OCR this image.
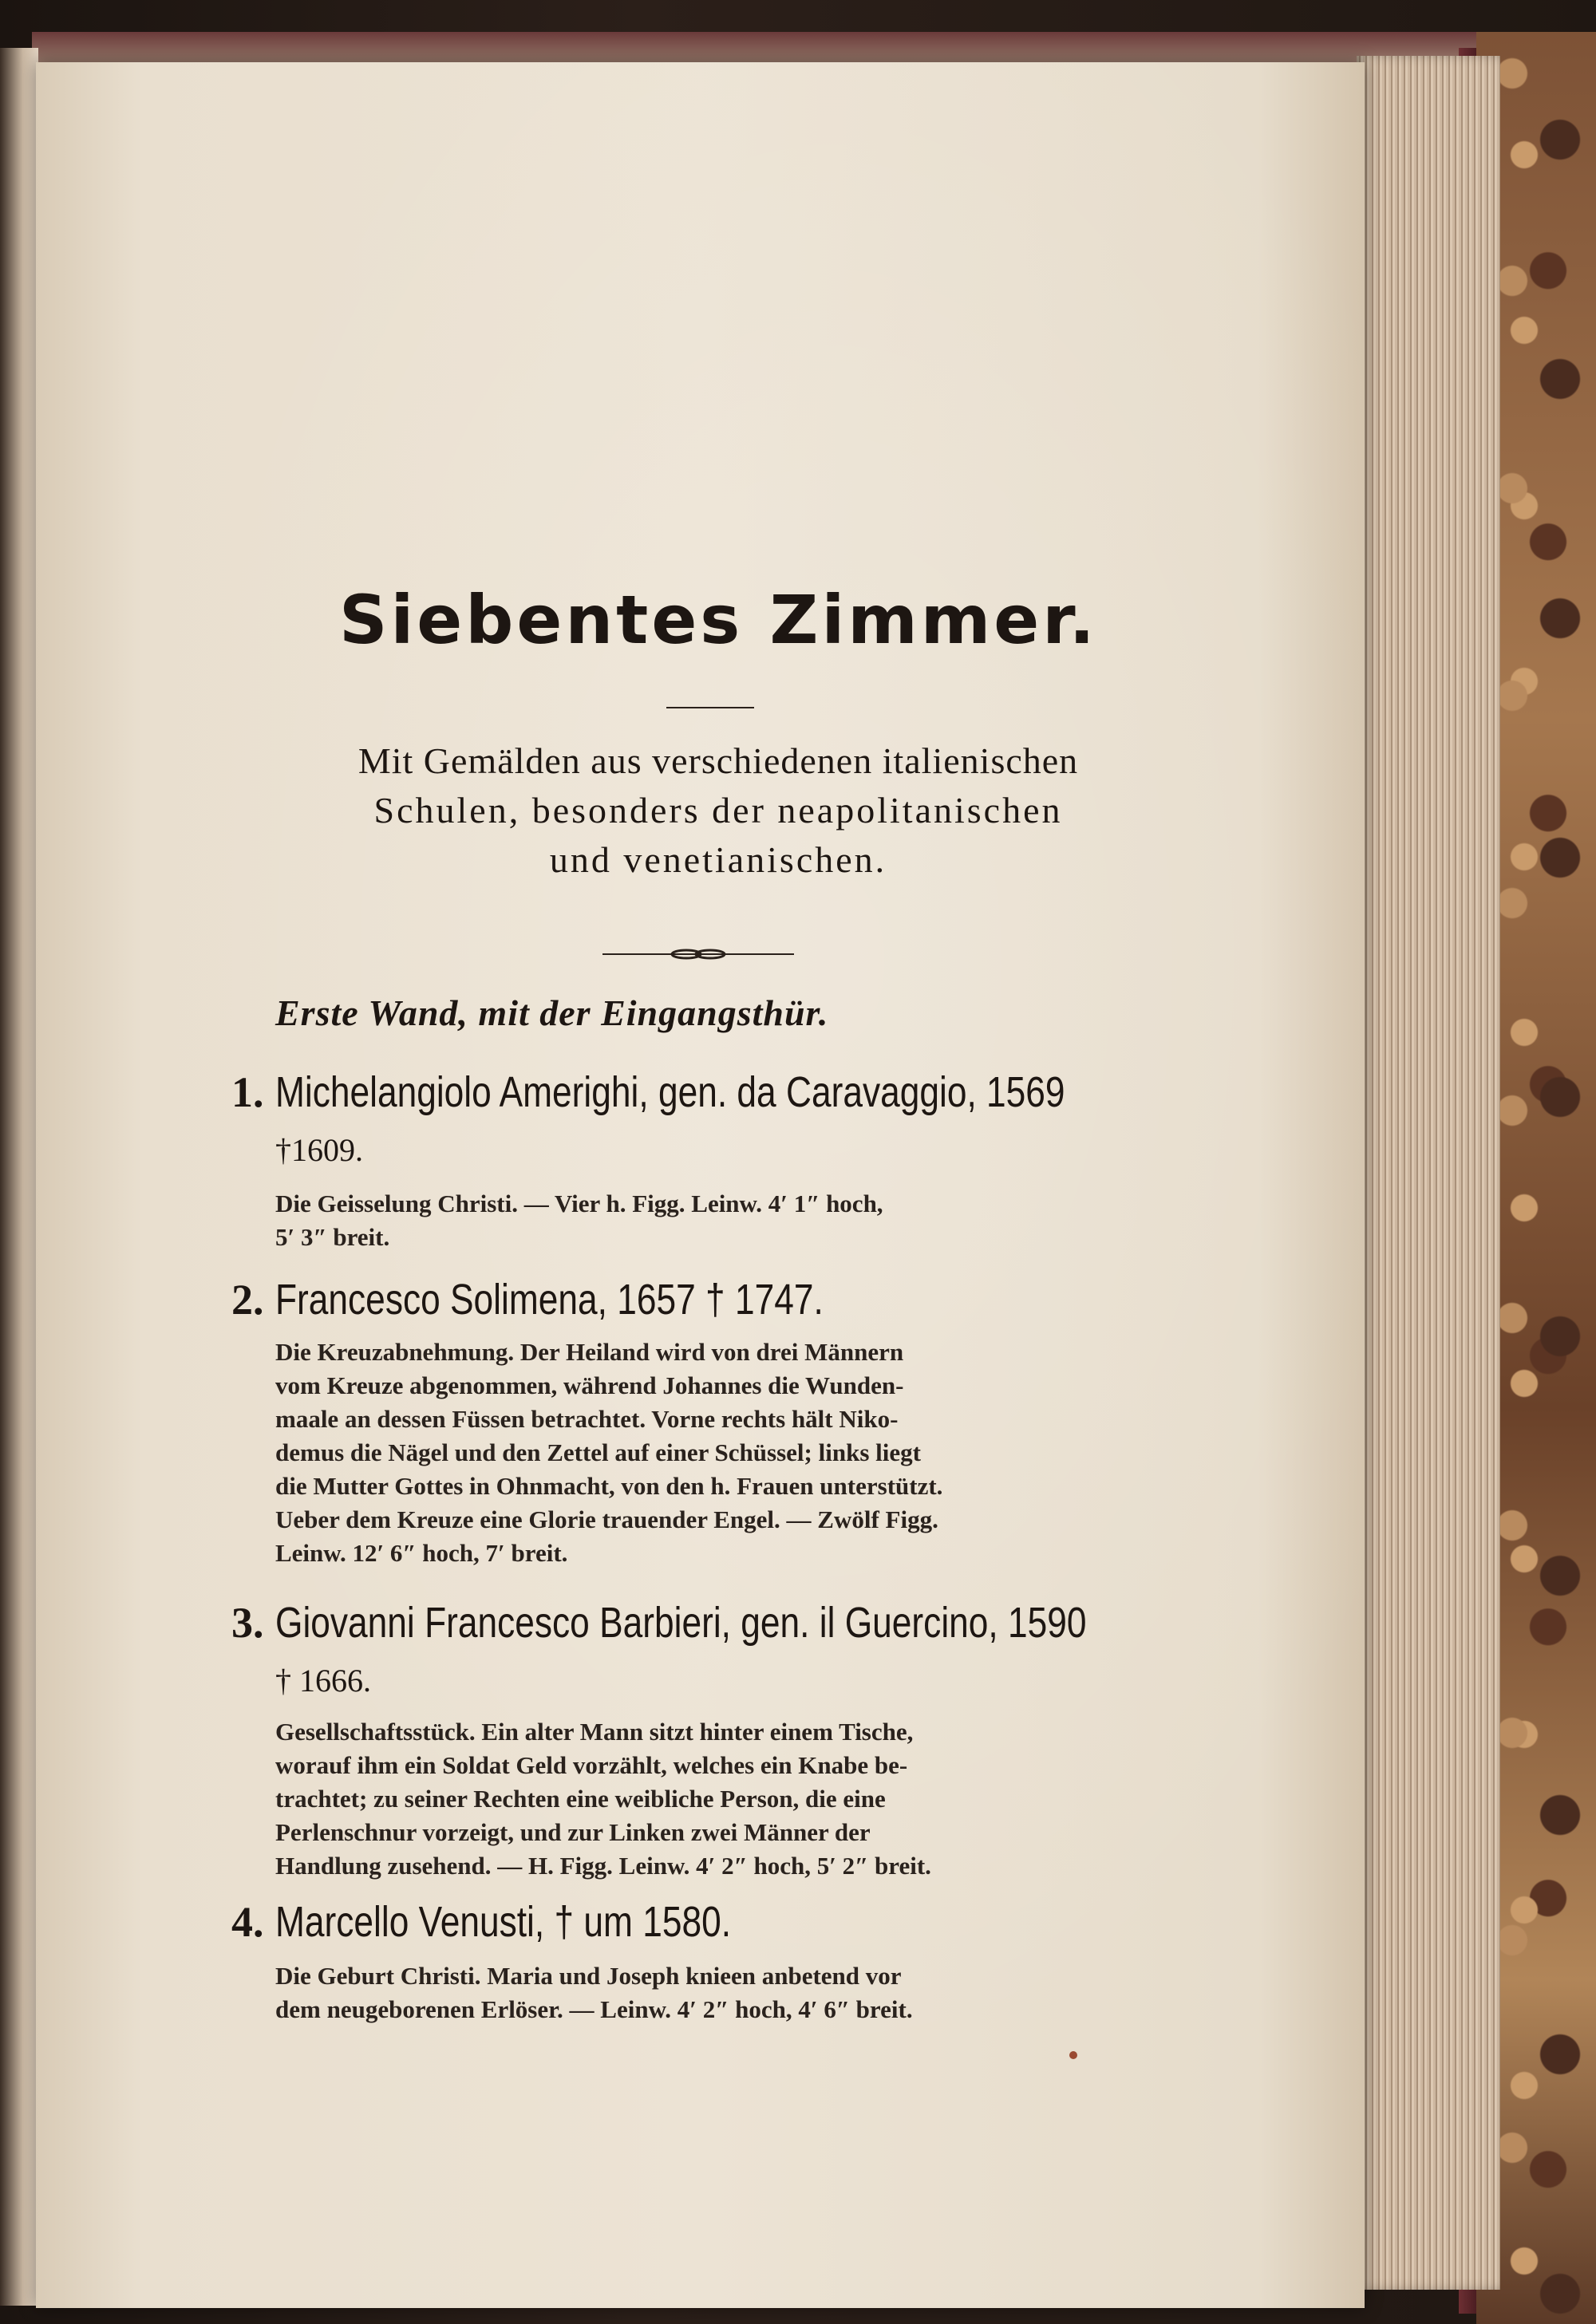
Siebentes Zimmer.
Mit Gemälden aus verschiedenen italienischen
Schulen, besonders der neapolitanischen
und venetianischen.
Erste Wand, mit der Eingangsthür.
1. Michelangiolo Amerighi, gen. da Caravaggio, 1569
†1609.
Die Geisselung Christi. — Vier h. Figg. Leinw. 4′ 1″ hoch,
5′ 3″ breit.
2. Francesco Solimena, 1657 † 1747.
Die Kreuzabnehmung. Der Heiland wird von drei Männern
vom Kreuze abgenommen, während Johannes die Wunden-
maale an dessen Füssen betrachtet. Vorne rechts hält Niko-
demus die Nägel und den Zettel auf einer Schüssel; links liegt
die Mutter Gottes in Ohnmacht, von den h. Frauen unterstützt.
Ueber dem Kreuze eine Glorie trauender Engel. — Zwölf Figg.
Leinw. 12′ 6″ hoch, 7′ breit.
3. Giovanni Francesco Barbieri, gen. il Guercino, 1590
† 1666.
Gesellschaftsstück. Ein alter Mann sitzt hinter einem Tische,
worauf ihm ein Soldat Geld vorzählt, welches ein Knabe be-
trachtet; zu seiner Rechten eine weibliche Person, die eine
Perlenschnur vorzeigt, und zur Linken zwei Männer der
Handlung zusehend. — H. Figg. Leinw. 4′ 2″ hoch, 5′ 2″ breit.
4. Marcello Venusti, † um 1580.
Die Geburt Christi. Maria und Joseph knieen anbetend vor
dem neugeborenen Erlöser. — Leinw. 4′ 2″ hoch, 4′ 6″ breit.
